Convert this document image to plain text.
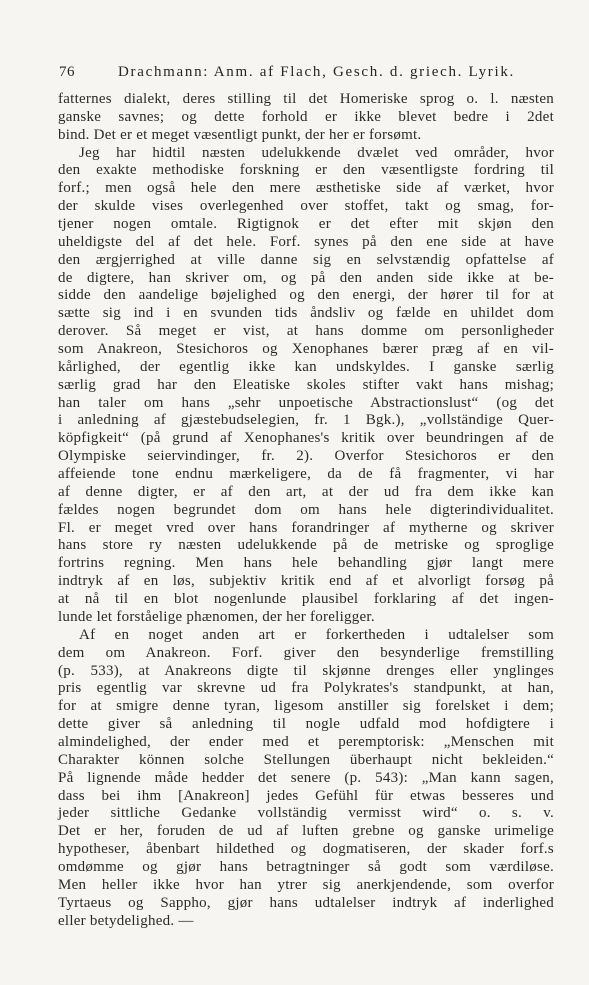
76	Drachmann: Anm. af Flach, Gesch. d. griech. Lyrik.
fatternes dialekt, deres stilling til det Homeriske sprog o. l. næsten
ganske savnes; og dette forhold er ikke blevet bedre i 2det
bind. Det er et meget væsentligt punkt, der her er forsømt.
Jeg har hidtil næsten udelukkende dvælet ved områder, hvor
den exakte methodiske forskning er den væsentligste fordring til
forf.; men også hele den mere æsthetiske side af værket, hvor
der skulde vises overlegenhed over stoffet, takt og smag, for-
tjener nogen omtale. Rigtignok er det efter mit skjøn den
uheldigste del af det hele. Forf. synes på den ene side at have
den ærgjerrighed at ville danne sig en selvstændig opfattelse af
de digtere, han skriver om, og på den anden side ikke at be-
sidde den aandelige bøjelighed og den energi, der hører til for at
sætte sig ind i en svunden tids åndsliv og fælde en uhildet dom
derover. Så meget er vist, at hans domme om personligheder
som Anakreon, Stesichoros og Xenophanes bærer præg af en vil-
kårlighed, der egentlig ikke kan undskyldes. I ganske særlig
særlig grad har den Eleatiske skoles stifter vakt hans mishag;
han taler om hans „sehr unpoetische Abstractionslust“ (og det
i anledning af gjæstebudselegien, fr. 1 Bgk.), „vollständige Quer-
köpfigkeit“ (på grund af Xenophanes's kritik over beundringen af de
Olympiske seiervindinger, fr. 2). Overfor Stesichoros er den
affeiende tone endnu mærkeligere, da de få fragmenter, vi har
af denne digter, er af den art, at der ud fra dem ikke kan
fældes nogen begrundet dom om hans hele digterindividualitet.
Fl. er meget vred over hans forandringer af mytherne og skriver
hans store ry næsten udelukkende på de metriske og sproglige
fortrins regning. Men hans hele behandling gjør langt mere
indtryk af en løs, subjektiv kritik end af et alvorligt forsøg på
at nå til en blot nogenlunde plausibel forklaring af det ingen-
lunde let forståelige phænomen, der her foreligger.
Af en noget anden art er forkertheden i udtalelser som
dem om Anakreon. Forf. giver den besynderlige fremstilling
(p. 533), at Anakreons digte til skjønne drenges eller ynglinges
pris egentlig var skrevne ud fra Polykrates's standpunkt, at han,
for at smigre denne tyran, ligesom anstiller sig forelsket i dem;
dette giver så anledning til nogle udfald mod hofdigtere i
almindelighed, der ender med et peremptorisk: „Menschen mit
Charakter können solche Stellungen überhaupt nicht bekleiden.“
På lignende måde hedder det senere (p. 543): „Man kann sagen,
dass bei ihm [Anakreon] jedes Gefühl für etwas besseres und
jeder sittliche Gedanke vollständig vermisst wird“ o. s. v.
Det er her, foruden de ud af luften grebne og ganske urimelige
hypotheser, åbenbart hildethed og dogmatiseren, der skader forf.s
omdømme og gjør hans betragtninger så godt som værdiløse.
Men heller ikke hvor han ytrer sig anerkjendende, som overfor
Tyrtaeus og Sappho, gjør hans udtalelser indtryk af inderlighed
eller betydelighed. —
